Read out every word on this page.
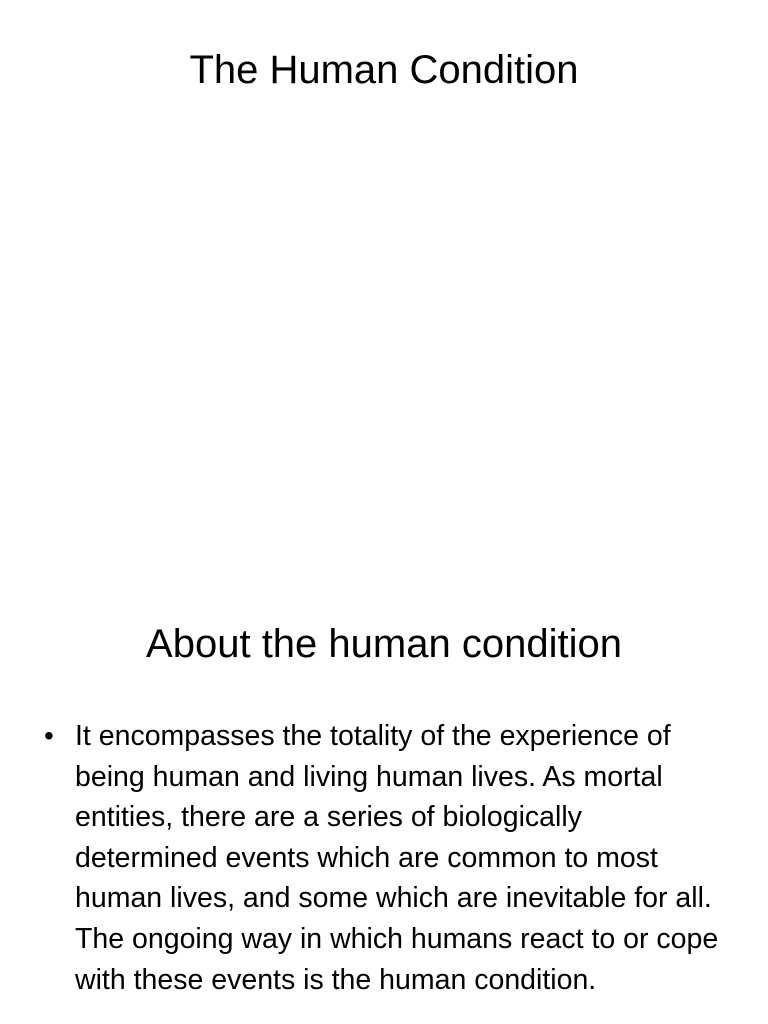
The Human Condition
About the human condition
• It encompasses the totality of the experience of being human and living human lives. As mortal entities, there are a series of biologically determined events which are common to most human lives, and some which are inevitable for all. The ongoing way in which humans react to or cope with these events is the human condition.
